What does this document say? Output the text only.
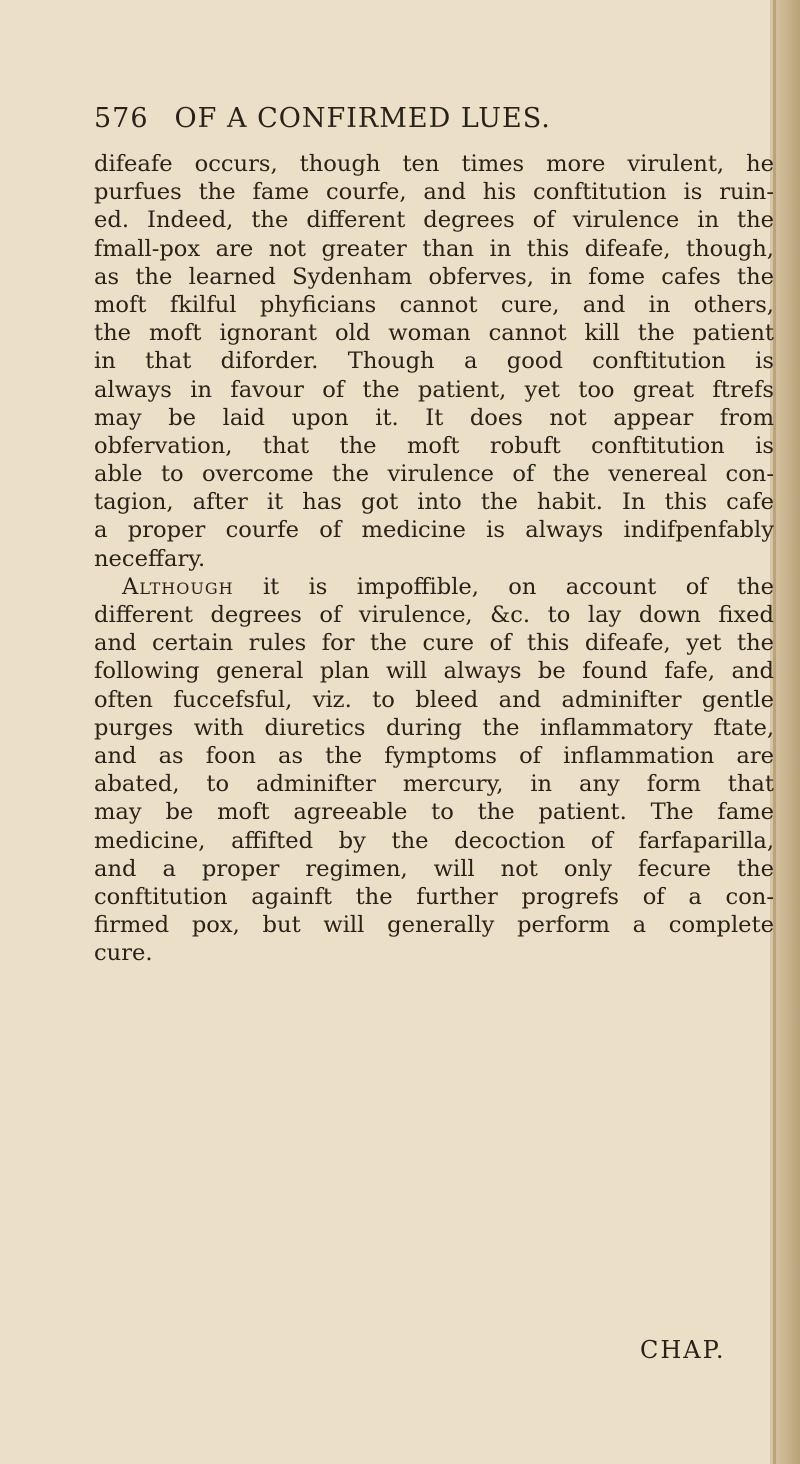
576 OF A CONFIRMED LUES.
difeafe occurs, though ten times more virulent, he
purfues the fame courfe, and his conftitution is ruin-
ed. Indeed, the different degrees of virulence in the
fmall-pox are not greater than in this difeafe, though,
as the learned Sydenham obferves, in fome cafes the
moft fkilful phyficians cannot cure, and in others,
the moft ignorant old woman cannot kill the patient
in that diforder. Though a good conftitution is
always in favour of the patient, yet too great ftrefs
may be laid upon it. It does not appear from
obfervation, that the moft robuft conftitution is
able to overcome the virulence of the venereal con-
tagion, after it has got into the habit. In this cafe
a proper courfe of medicine is always indifpenfably
neceffary.
Although it is impoffible, on account of the
different degrees of virulence, &c. to lay down fixed
and certain rules for the cure of this difeafe, yet the
following general plan will always be found fafe, and
often fuccefsful, viz. to bleed and adminifter gentle
purges with diuretics during the inflammatory ftate,
and as foon as the fymptoms of inflammation are
abated, to adminifter mercury, in any form that
may be moft agreeable to the patient. The fame
medicine, affifted by the decoction of farfaparilla,
and a proper regimen, will not only fecure the
conftitution againft the further progrefs of a con-
firmed pox, but will generally perform a complete
cure.
CHAP.
